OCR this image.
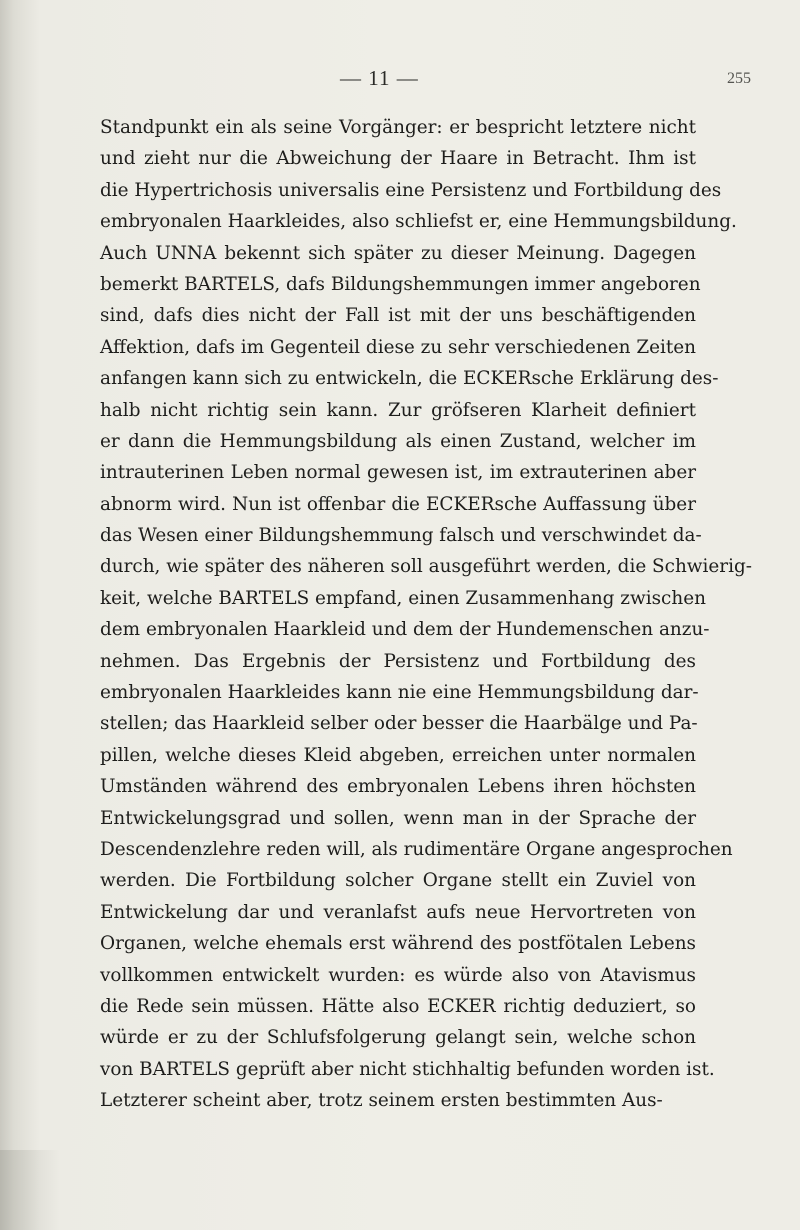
— 11 —	255
Standpunkt ein als seine Vorgänger: er bespricht letztere nicht
und zieht nur die Abweichung der Haare in Betracht. Ihm ist
die Hypertrichosis universalis eine Persistenz und Fortbildung des
embryonalen Haarkleides, also schliefst er, eine Hemmungsbildung.
Auch UNNA bekennt sich später zu dieser Meinung. Dagegen
bemerkt BARTELS, dafs Bildungshemmungen immer angeboren
sind, dafs dies nicht der Fall ist mit der uns beschäftigenden
Affektion, dafs im Gegenteil diese zu sehr verschiedenen Zeiten
anfangen kann sich zu entwickeln, die ECKERsche Erklärung des-
halb nicht richtig sein kann. Zur gröfseren Klarheit definiert
er dann die Hemmungsbildung als einen Zustand, welcher im
intrauterinen Leben normal gewesen ist, im extrauterinen aber
abnorm wird. Nun ist offenbar die ECKERsche Auffassung über
das Wesen einer Bildungshemmung falsch und verschwindet da-
durch, wie später des näheren soll ausgeführt werden, die Schwierig-
keit, welche BARTELS empfand, einen Zusammenhang zwischen
dem embryonalen Haarkleid und dem der Hundemenschen anzu-
nehmen. Das Ergebnis der Persistenz und Fortbildung des
embryonalen Haarkleides kann nie eine Hemmungsbildung dar-
stellen; das Haarkleid selber oder besser die Haarbälge und Pa-
pillen, welche dieses Kleid abgeben, erreichen unter normalen
Umständen während des embryonalen Lebens ihren höchsten
Entwickelungsgrad und sollen, wenn man in der Sprache der
Descendenzlehre reden will, als rudimentäre Organe angesprochen
werden. Die Fortbildung solcher Organe stellt ein Zuviel von
Entwickelung dar und veranlafst aufs neue Hervortreten von
Organen, welche ehemals erst während des postfötalen Lebens
vollkommen entwickelt wurden: es würde also von Atavismus
die Rede sein müssen. Hätte also ECKER richtig deduziert, so
würde er zu der Schlufsfolgerung gelangt sein, welche schon
von BARTELS geprüft aber nicht stichhaltig befunden worden ist.
Letzterer scheint aber, trotz seinem ersten bestimmten Aus-
